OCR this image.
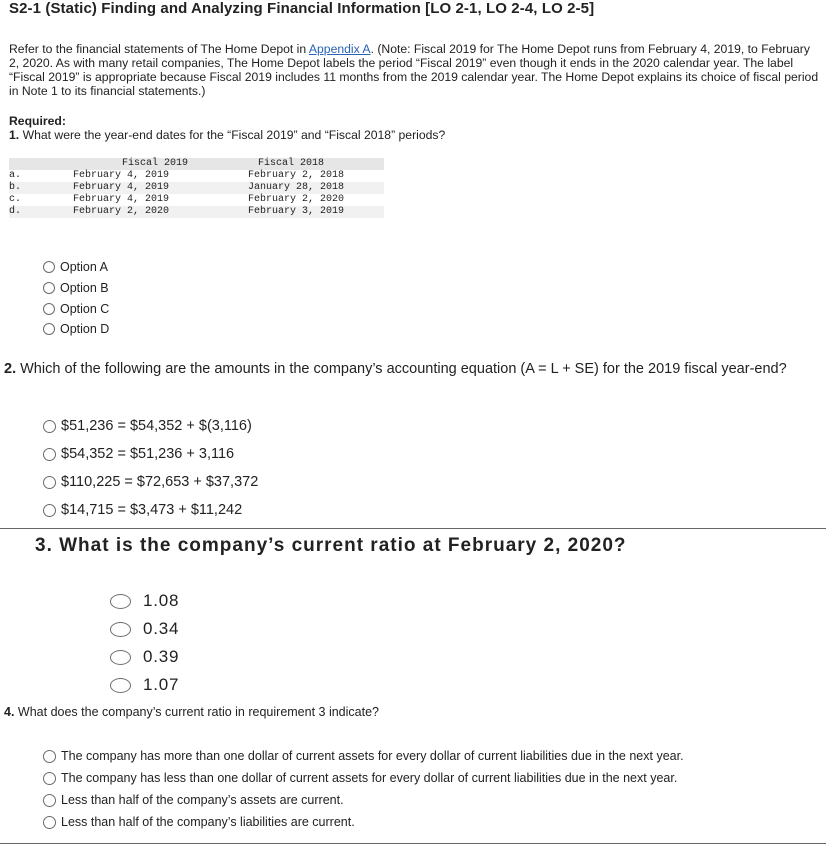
S2-1 (Static) Finding and Analyzing Financial Information [LO 2-1, LO 2-4, LO 2-5]

Refer to the financial statements of The Home Depot in Appendix A. (Note: Fiscal 2019 for The Home Depot runs from February 4, 2019, to February 2, 2020. As with many retail companies, The Home Depot labels the period “Fiscal 2019” even though it ends in the 2020 calendar year. The label “Fiscal 2019” is appropriate because Fiscal 2019 includes 11 months from the 2019 calendar year. The Home Depot explains its choice of fiscal period in Note 1 to its financial statements.)

Required:
1. What were the year-end dates for the “Fiscal 2019” and “Fiscal 2018” periods?
	Fiscal 2019	Fiscal 2018
a.	February 4, 2019	February 2, 2018
b.	February 4, 2019	January 28, 2018
c.	February 4, 2019	February 2, 2020
d.	February 2, 2020	February 3, 2019
Option A
Option B
Option C
Option D
2. Which of the following are the amounts in the company’s accounting equation (A = L + SE) for the 2019 fiscal year-end?
$51,236 = $54,352 + $(3,116)
$54,352 = $51,236 + 3,116
$110,225 = $72,653 + $37,372
$14,715 = $3,473 + $11,242
3. What is the company’s current ratio at February 2, 2020?
1.08
0.34
0.39
1.07
4. What does the company’s current ratio in requirement 3 indicate?
The company has more than one dollar of current assets for every dollar of current liabilities due in the next year.
The company has less than one dollar of current assets for every dollar of current liabilities due in the next year.
Less than half of the company’s assets are current.
Less than half of the company’s liabilities are current.
